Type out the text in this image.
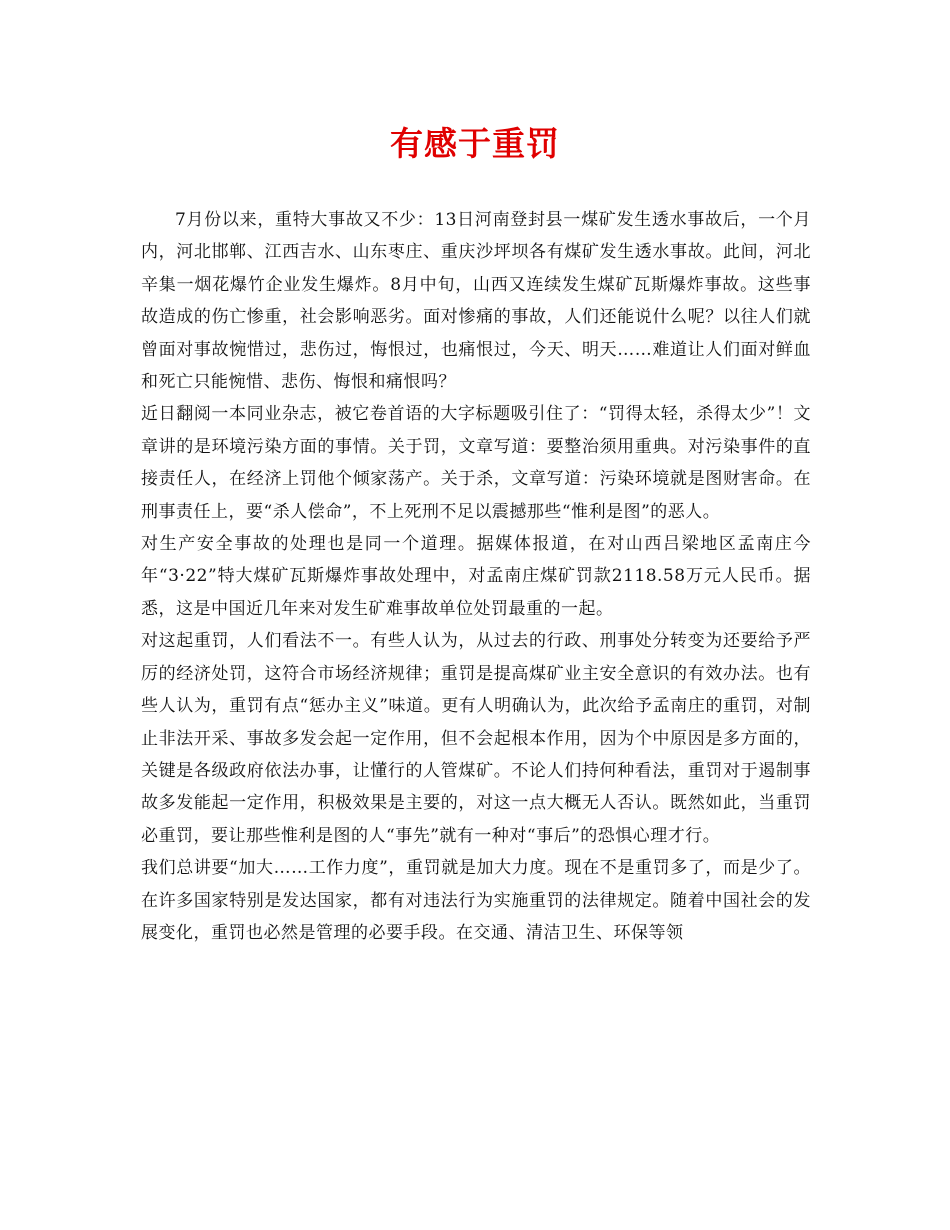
有感于重罚

7月份以来，重特大事故又不少：13日河南登封县一煤矿发生透水事故后，一个月内，河北邯郸、江西吉水、山东枣庄、重庆沙坪坝各有煤矿发生透水事故。此间，河北辛集一烟花爆竹企业发生爆炸。8月中旬，山西又连续发生煤矿瓦斯爆炸事故。这些事故造成的伤亡惨重，社会影响恶劣。面对惨痛的事故，人们还能说什么呢？以往人们就曾面对事故惋惜过，悲伤过，悔恨过，也痛恨过，今天、明天……难道让人们面对鲜血和死亡只能惋惜、悲伤、悔恨和痛恨吗？

近日翻阅一本同业杂志，被它卷首语的大字标题吸引住了：“罚得太轻，杀得太少”！文章讲的是环境污染方面的事情。关于罚，文章写道：要整治须用重典。对污染事件的直接责任人，在经济上罚他个倾家荡产。关于杀，文章写道：污染环境就是图财害命。在刑事责任上，要“杀人偿命”，不上死刑不足以震撼那些“惟利是图”的恶人。

对生产安全事故的处理也是同一个道理。据媒体报道，在对山西吕梁地区孟南庄今年“3·22”特大煤矿瓦斯爆炸事故处理中，对孟南庄煤矿罚款2118.58万元人民币。据悉，这是中国近几年来对发生矿难事故单位处罚最重的一起。

对这起重罚，人们看法不一。有些人认为，从过去的行政、刑事处分转变为还要给予严厉的经济处罚，这符合市场经济规律；重罚是提高煤矿业主安全意识的有效办法。也有些人认为，重罚有点“惩办主义”味道。更有人明确认为，此次给予孟南庄的重罚，对制止非法开采、事故多发会起一定作用，但不会起根本作用，因为个中原因是多方面的，关键是各级政府依法办事，让懂行的人管煤矿。不论人们持何种看法，重罚对于遏制事故多发能起一定作用，积极效果是主要的，对这一点大概无人否认。既然如此，当重罚必重罚，要让那些惟利是图的人“事先”就有一种对“事后”的恐惧心理才行。

我们总讲要“加大……工作力度”，重罚就是加大力度。现在不是重罚多了，而是少了。在许多国家特别是发达国家，都有对违法行为实施重罚的法律规定。随着中国社会的发展变化，重罚也必然是管理的必要手段。在交通、清洁卫生、环保等领
